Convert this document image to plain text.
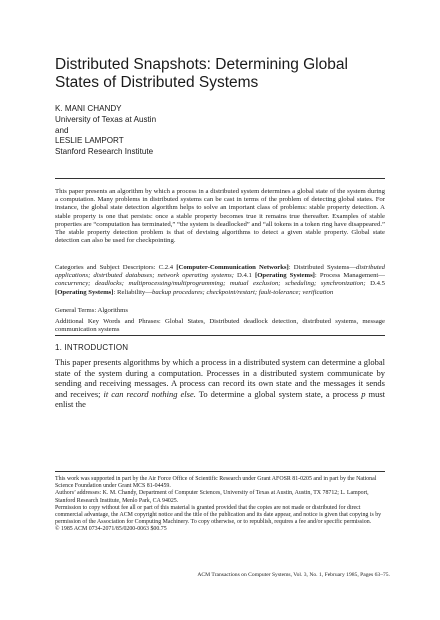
Distributed Snapshots: Determining Global
States of Distributed Systems
K. MANI CHANDY
University of Texas at Austin
and
LESLIE LAMPORT
Stanford Research Institute

This paper presents an algorithm by which a process in a distributed system determines a global state of the system during a computation. Many problems in distributed systems can be cast in terms of the problem of detecting global states. For instance, the global state detection algorithm helps to solve an important class of problems: stable property detection. A stable property is one that persists: once a stable property becomes true it remains true thereafter. Examples of stable properties are “computation has terminated,” “the system is deadlocked” and “all tokens in a token ring have disappeared.” The stable property detection problem is that of devising algorithms to detect a given stable property. Global state detection can also be used for checkpointing.

Categories and Subject Descriptors: C.2.4 [Computer-Communication Networks]: Distributed Systems—distributed applications; distributed databases; network operating systems; D.4.1 [Operating Systems]: Process Management—concurrency; deadlocks; multiprocessing/multiprogramming; mutual exclusion; scheduling; synchronization; D.4.5 [Operating Systems]: Reliability—backup procedures; checkpoint/restart; fault-tolerance; verification

General Terms: Algorithms

Additional Key Words and Phrases: Global States, Distributed deadlock detection, distributed systems, message communication systems

1. INTRODUCTION

This paper presents algorithms by which a process in a distributed system can determine a global state of the system during a computation. Processes in a distributed system communicate by sending and receiving messages. A process can record its own state and the messages it sends and receives; it can record nothing else. To determine a global system state, a process p must enlist the

This work was supported in part by the Air Force Office of Scientific Research under Grant AFOSR 81-0205 and in part by the National Science Foundation under Grant MCS 81-04459.
Authors’ addresses: K. M. Chandy, Department of Computer Sciences, University of Texas at Austin, Austin, TX 78712; L. Lamport, Stanford Research Institute, Menlo Park, CA 94025.
Permission to copy without fee all or part of this material is granted provided that the copies are not made or distributed for direct commercial advantage, the ACM copyright notice and the title of the publication and its date appear, and notice is given that copying is by permission of the Association for Computing Machinery. To copy otherwise, or to republish, requires a fee and/or specific permission.
© 1985 ACM 0734-2071/85/0200-0063 $00.75
ACM Transactions on Computer Systems, Vol. 3, No. 1, February 1985, Pages 63–75.
